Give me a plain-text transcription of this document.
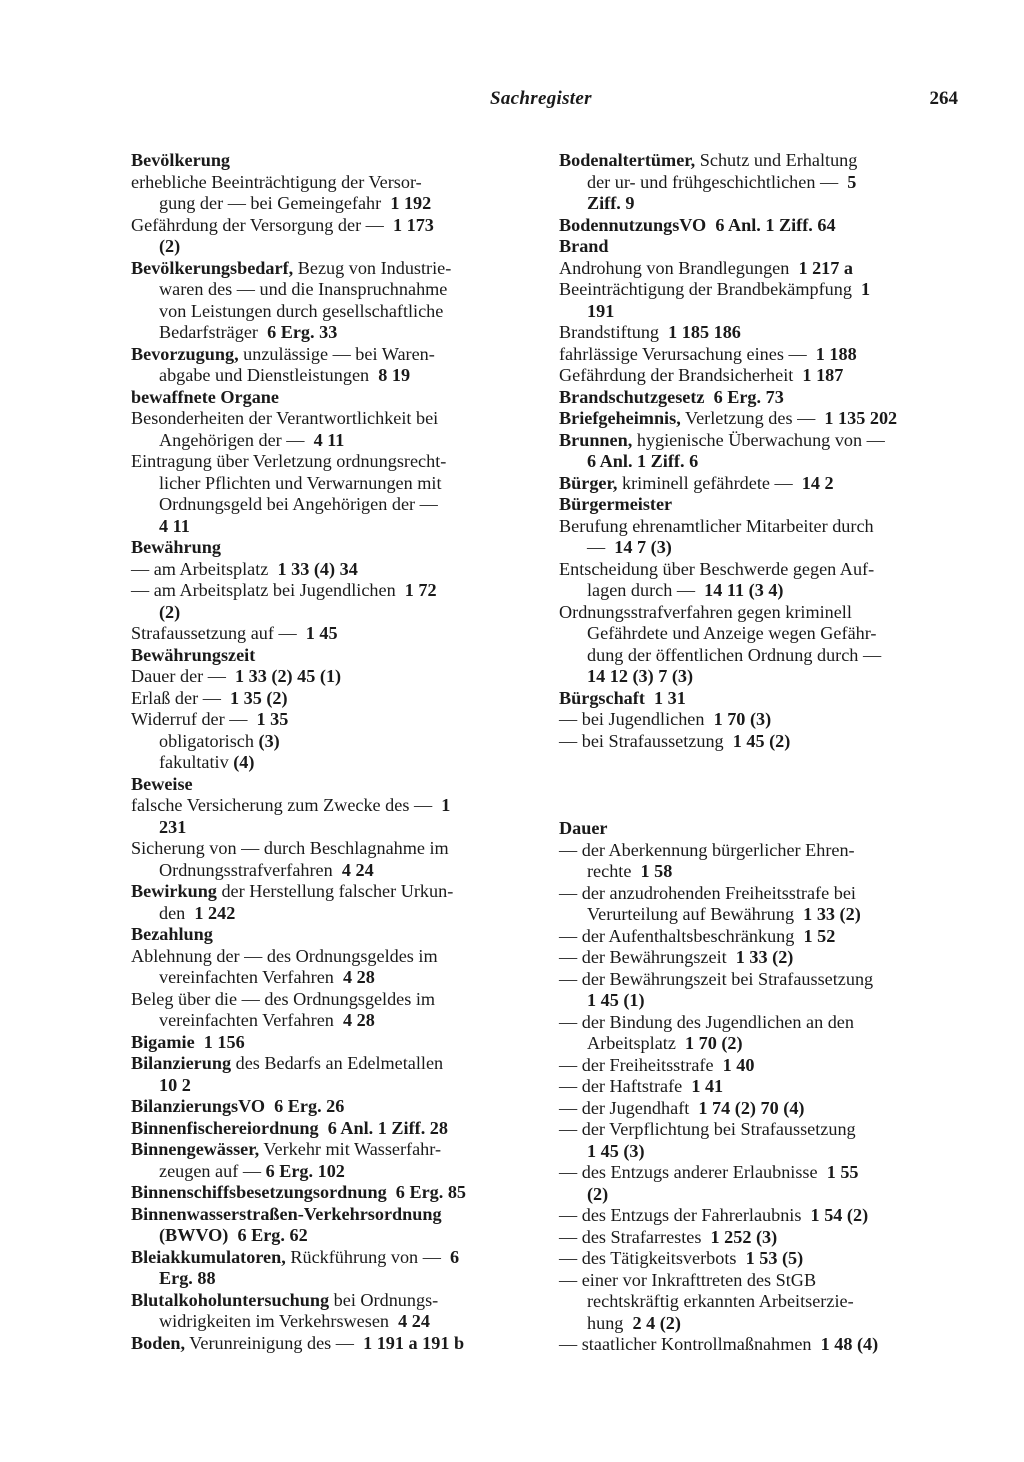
Sachregister	264
Bevölkerung
erhebliche Beeinträchtigung der Versor-
gung der — bei Gemeingefahr  1 192
Gefährdung der Versorgung der —  1 173
(2)
Bevölkerungsbedarf, Bezug von Industrie-
waren des — und die Inanspruchnahme
von Leistungen durch gesellschaftliche
Bedarfsträger  6 Erg. 33
Bevorzugung, unzulässige — bei Waren-
abgabe und Dienstleistungen  8 19
bewaffnete Organe
Besonderheiten der Verantwortlichkeit bei
Angehörigen der —  4 11
Eintragung über Verletzung ordnungsrecht-
licher Pflichten und Verwarnungen mit
Ordnungsgeld bei Angehörigen der —
4 11
Bewährung
— am Arbeitsplatz  1 33 (4) 34
— am Arbeitsplatz bei Jugendlichen  1 72
(2)
Strafaussetzung auf —  1 45
Bewährungszeit
Dauer der —  1 33 (2) 45 (1)
Erlaß der —  1 35 (2)
Widerruf der —  1 35
obligatorisch (3)
fakultativ (4)
Beweise
falsche Versicherung zum Zwecke des —  1
231
Sicherung von — durch Beschlagnahme im
Ordnungsstrafverfahren  4 24
Bewirkung der Herstellung falscher Urkun-
den  1 242
Bezahlung
Ablehnung der — des Ordnungsgeldes im
vereinfachten Verfahren  4 28
Beleg über die — des Ordnungsgeldes im
vereinfachten Verfahren  4 28
Bigamie 1 156
Bilanzierung des Bedarfs an Edelmetallen
10 2
BilanzierungsVO 6 Erg. 26
Binnenfischereiordnung 6 Anl. 1 Ziff. 28
Binnengewässer, Verkehr mit Wasserfahr-
zeugen auf — 6 Erg. 102
Binnenschiffsbesetzungsordnung 6 Erg. 85
Binnenwasserstraßen-Verkehrsordnung
(BWVO) 6 Erg. 62
Bleiakkumulatoren, Rückführung von —  6
Erg. 88
Blutalkoholuntersuchung bei Ordnungs-
widrigkeiten im Verkehrswesen  4 24
Boden, Verunreinigung des —  1 191 a 191 b
Bodenaltertümer, Schutz und Erhaltung
der ur- und frühgeschichtlichen —  5
Ziff. 9
BodennutzungsVO 6 Anl. 1 Ziff. 64
Brand
Androhung von Brandlegungen  1 217 a
Beeinträchtigung der Brandbekämpfung  1
191
Brandstiftung  1 185 186
fahrlässige Verursachung eines —  1 188
Gefährdung der Brandsicherheit  1 187
Brandschutzgesetz 6 Erg. 73
Briefgeheimnis, Verletzung des —  1 135 202
Brunnen, hygienische Überwachung von —
6 Anl. 1 Ziff. 6
Bürger, kriminell gefährdete —  14 2
Bürgermeister
Berufung ehrenamtlicher Mitarbeiter durch
—  14 7 (3)
Entscheidung über Beschwerde gegen Auf-
lagen durch —  14 11 (3 4)
Ordnungsstrafverfahren gegen kriminell
Gefährdete und Anzeige wegen Gefähr-
dung der öffentlichen Ordnung durch —
14 12 (3) 7 (3)
Bürgschaft 1 31
— bei Jugendlichen  1 70 (3)
— bei Strafaussetzung  1 45 (2)
Dauer
— der Aberkennung bürgerlicher Ehren-
rechte  1 58
— der anzudrohenden Freiheitsstrafe bei
Verurteilung auf Bewährung  1 33 (2)
— der Aufenthaltsbeschränkung  1 52
— der Bewährungszeit  1 33 (2)
— der Bewährungszeit bei Strafaussetzung
1 45 (1)
— der Bindung des Jugendlichen an den
Arbeitsplatz  1 70 (2)
— der Freiheitsstrafe  1 40
— der Haftstrafe  1 41
— der Jugendhaft  1 74 (2) 70 (4)
— der Verpflichtung bei Strafaussetzung
1 45 (3)
— des Entzugs anderer Erlaubnisse  1 55
(2)
— des Entzugs der Fahrerlaubnis  1 54 (2)
— des Strafarrestes  1 252 (3)
— des Tätigkeitsverbots  1 53 (5)
— einer vor Inkrafttreten des StGB
rechtskräftig erkannten Arbeitserzie-
hung  2 4 (2)
— staatlicher Kontrollmaßnahmen  1 48 (4)
